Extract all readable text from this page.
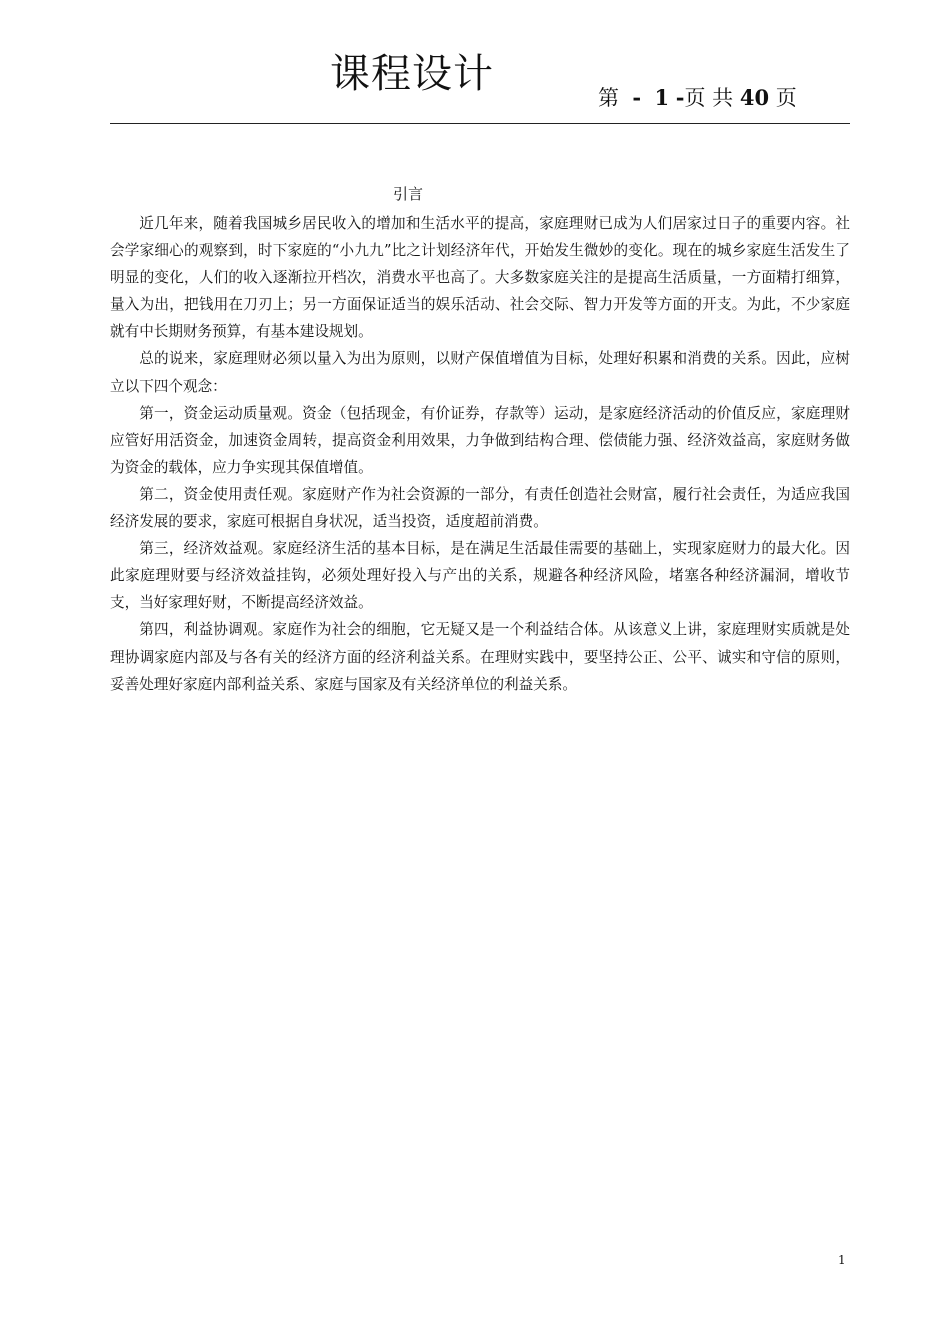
课程设计
第 - 1 -页 共 40 页
引言

近几年来，随着我国城乡居民收入的增加和生活水平的提高，家庭理财已成为人们居家过日子的重要内容。社会学家细心的观察到，时下家庭的“小九九”比之计划经济年代，开始发生微妙的变化。现在的城乡家庭生活发生了明显的变化，人们的收入逐渐拉开档次，消费水平也高了。大多数家庭关注的是提高生活质量，一方面精打细算，量入为出，把钱用在刀刃上；另一方面保证适当的娱乐活动、社会交际、智力开发等方面的开支。为此，不少家庭就有中长期财务预算，有基本建设规划。

总的说来，家庭理财必须以量入为出为原则，以财产保值增值为目标，处理好积累和消费的关系。因此，应树立以下四个观念：

第一，资金运动质量观。资金（包括现金，有价证券，存款等）运动，是家庭经济活动的价值反应，家庭理财应管好用活资金，加速资金周转，提高资金利用效果，力争做到结构合理、偿债能力强、经济效益高，家庭财务做为资金的载体，应力争实现其保值增值。

第二，资金使用责任观。家庭财产作为社会资源的一部分，有责任创造社会财富，履行社会责任，为适应我国经济发展的要求，家庭可根据自身状况，适当投资，适度超前消费。

第三，经济效益观。家庭经济生活的基本目标，是在满足生活最佳需要的基础上，实现家庭财力的最大化。因此家庭理财要与经济效益挂钩，必须处理好投入与产出的关系，规避各种经济风险，堵塞各种经济漏洞，增收节支，当好家理好财，不断提高经济效益。

第四，利益协调观。家庭作为社会的细胞，它无疑又是一个利益结合体。从该意义上讲，家庭理财实质就是处理协调家庭内部及与各有关的经济方面的经济利益关系。在理财实践中，要坚持公正、公平、诚实和守信的原则，妥善处理好家庭内部利益关系、家庭与国家及有关经济单位的利益关系。

1
